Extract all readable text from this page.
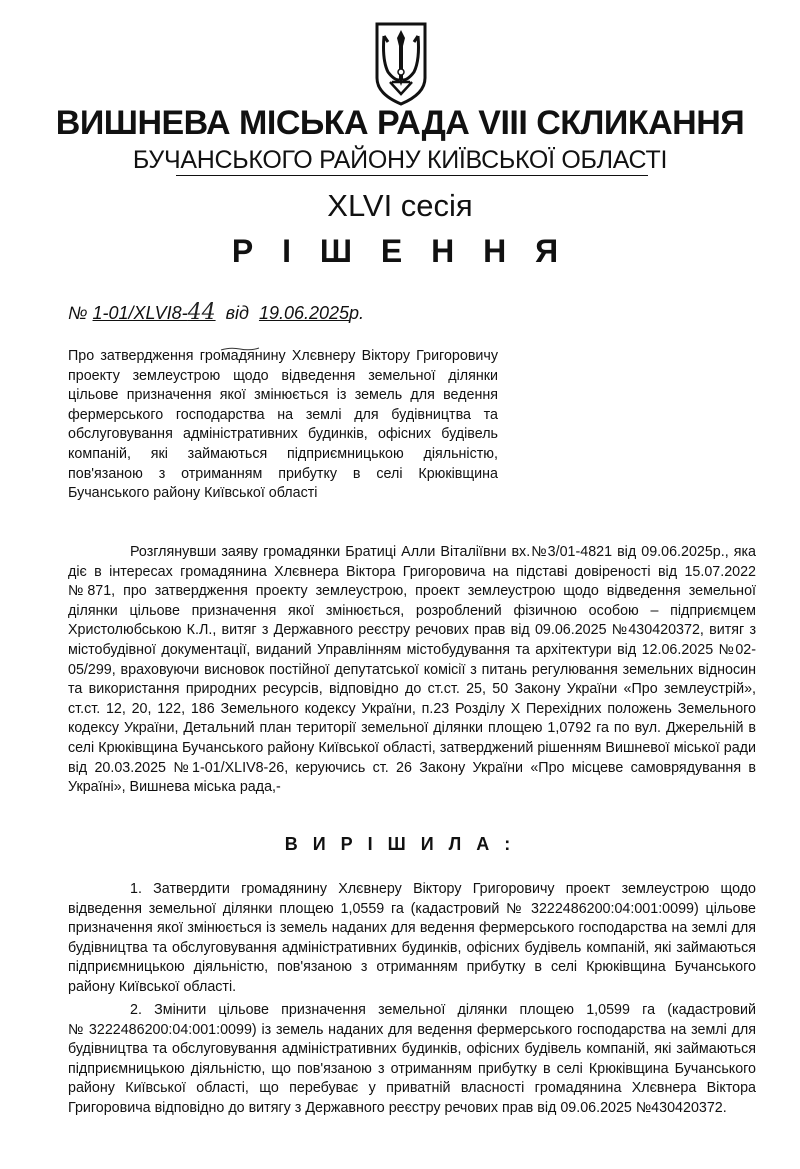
ВИШНЕВА МІСЬКА РАДА VIII СКЛИКАННЯ
БУЧАНСЬКОГО РАЙОНУ КИЇВСЬКОЇ ОБЛАСТІ
XLVI сесія
Р І Ш Е Н Н Я
№ 1-01/XLVI8-44 від 19.06.2025р.
Про затвердження громадянину Хлєвнеру Віктору Григоровичу
проекту землеустрою щодо відведення земельної ділянки
цільове призначення якої змінюється із земель для ведення
фермерського господарства на землі для будівництва та
обслуговування адміністративних будинків, офісних будівель
компаній, які займаються підприємницькою діяльністю,
пов'язаною з отриманням прибутку в селі Крюківщина
Бучанського району Київської області
Розглянувши заяву громадянки Братиці Алли Віталіївни вх.№3/01-4821 від 09.06.2025р., яка
діє в інтересах громадянина Хлєвнера Віктора Григоровича на підставі довіреності від 15.07.2022
№871, про затвердження проекту землеустрою, проект землеустрою щодо відведення земельної
ділянки цільове призначення якої змінюється, розроблений фізичною особою – підприємцем
Христолюбською К.Л., витяг з Державного реєстру речових прав від 09.06.2025 №430420372, витяг з
містобудівної документації, виданий Управлінням містобудування та архітектури від 12.06.2025 №02-
05/299, враховуючи висновок постійної депутатської комісії з питань регулювання земельних відносин
та використання природних ресурсів, відповідно до ст.ст. 25, 50 Закону України «Про землеустрій»,
ст.ст. 12, 20, 122, 186 Земельного кодексу України, п.23 Розділу X Перехідних положень Земельного
кодексу України, Детальний план території земельної ділянки площею 1,0792 га по вул. Джерельній в
селі Крюківщина Бучанського району Київської області, затверджений рішенням Вишневої міської ради
від 20.03.2025 №1-01/XLIV8-26, керуючись ст. 26 Закону України «Про місцеве самоврядування в
Україні», Вишнева міська рада,-
В И Р І Ш И Л А :
1. Затвердити громадянину Хлєвнеру Віктору Григоровичу проект землеустрою щодо
відведення земельної ділянки площею 1,0559 га (кадастровий № 3222486200:04:001:0099) цільове
призначення якої змінюється із земель наданих для ведення фермерського господарства на землі для
будівництва та обслуговування адміністративних будинків, офісних будівель компаній, які займаються
підприємницькою діяльністю, пов'язаною з отриманням прибутку в селі Крюківщина Бучанського
району Київської області.
2. Змінити цільове призначення земельної ділянки площею 1,0599 га (кадастровий
№ 3222486200:04:001:0099) із земель наданих для ведення фермерського господарства на землі для
будівництва та обслуговування адміністративних будинків, офісних будівель компаній, які займаються
підприємницькою діяльністю, що пов'язаною з отриманням прибутку в селі Крюківщина Бучанського
району Київської області, що перебуває у приватній власності громадянина Хлєвнера Віктора
Григоровича відповідно до витягу з Державного реєстру речових прав від 09.06.2025 №430420372.
